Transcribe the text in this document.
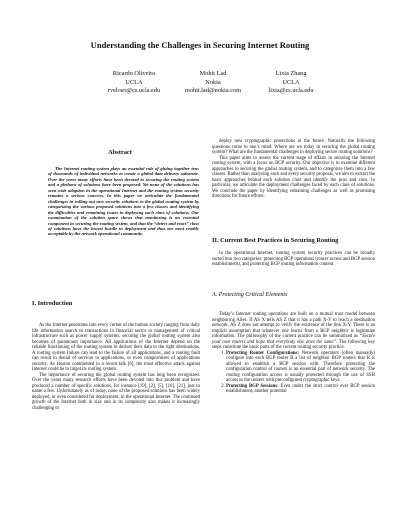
Understanding the Challenges in Securing Internet Routing
Ricardo Oliveira
UCLA
rveloso@cs.ucla.edu
Mohit Lad
Nokia
mohit.lad@nokia.com
Lixia Zhang
UCLA
lixia@cs.ucla.edu
Abstract

The Internet routing system plays an essential role of gluing together tens of thousands of individual networks to create a global data delivery substrate. Over the years many efforts have been devoted to securing the routing system and a plethora of solutions have been proposed. Yet none of the solutions has seen wide adoption in the operational Internet and the routing system security remains a serious concern. In this paper we articulate the fundamental challenges in rolling out new security solutions to the global routing system by categorizing the various proposed solutions into a few classes and identifying the difficulties and remaining issues in deploying each class of solutions. Our examination of the solution space shows that monitoring is an essential component in securing the routing system, and that the “detect and react” class of solutions have the lowest hurdle in deployment and thus are most readily acceptable by the network operational community.

I. Introduction

As the Internet penetrates into every corner of the human society ranging from daily life information search to transactions in financial sector to management of critical infrastructure such as power supply systems, securing the global routing system also becomes of paramount importance. All applications of the Internet depend on the reliable functioning of the routing system to deliver their data to the right destinations. A routing system failure can lead to the failure of all applications, and a routing fault can result in denial of services to applications, or even compromises of applications security. As Hoston commented in a recent talk [6], the most effective attack against Internet could be to target its routing system.

The importance of securing the global routing system has long been recognized. Over the years many research efforts have been devoted into this problem and have produced a number of specific solutions, for instance [19], [2], [5], [10], [21], just to name a few. Unfortunately as of today, none of the proposed solutions has been widely deployed, or even considered for deployment, in the operational Internet. The continued growth of the Internet both in size and in its complexity also makes it increasingly challenging to

deploy new cryptographic protections in the future. Naturally the following questions come to one’s mind: Where are we today in securing the global routing system? What are the fundamental challenges in deploying secure routing solutions?

This paper aims to assess the current stage of affairs in securing the Internet routing system, with a focus on BGP security. Our objective is to examine different approaches to securing the global routing system, and to categorize them into a few classes. Rather than analyzing each and every security proposal, we aim to extract the basic approaches behind each solution class and identify the pros and cons. In particular, we articulate the deployment challenges faced by each class of solutions. We conclude the paper by identifying remaining challenges as well as promising directions for future efforts.

II. Current Best Practices in Securing Routing

In the operational Internet, routing system security practices can be broadly sorted into two categories: protecting BGP operations (router access and BGP session establishment), and protecting BGP routing information content.

A. Protecting Critical Elements

Today’s Internet routing operations are built on a mutual trust model between neighboring ASes. If AS X tells AS Z that it has a path X-Y to reach a destination network, AS Z does not attempt to verify the existence of the link X-Y. There is an implicit assumption that whatever one learns from a BGP neighbor is legitimate information. The philosophy of the current practice can be summarized as “Secure your own routers and hope that everybody else does the same”. The following key steps constitute the basic parts of the current routing security practice.

1. Protecting Router Configurations: Network operators (often manually) configure into each BGP router R a list of neighbor BGP routers that R is allowed to establish a BGP session with. Therefore protecting the configuration control of routers is an essential part of network security. The routing configuration access is usually protected through the use of SSH access to the routers with preconfigured cryptographic keys.
2. Protecting BGP Sessions: Even under the strict control over BGP session establishment, another potential
